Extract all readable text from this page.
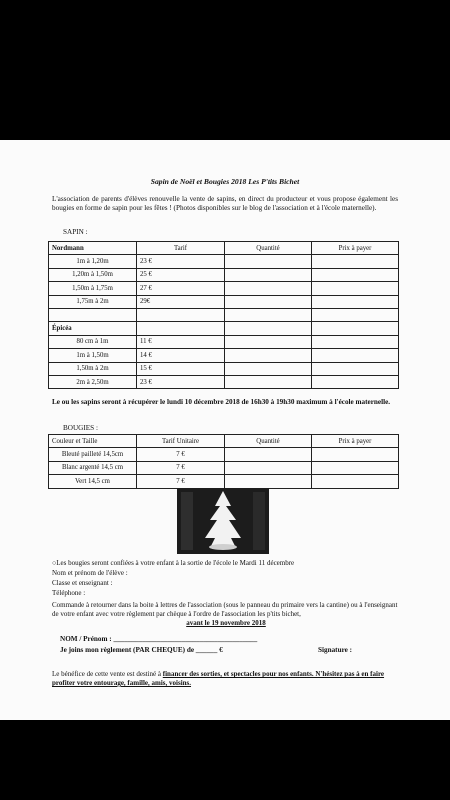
Sapin de Noël et Bougies 2018 Les P'tits Bichet
L'association de parents d'élèves renouvelle la vente de sapins, en direct du producteur et vous propose également les bougies en forme de sapin pour les fêtes ! (Photos disponibles sur le blog de l'association et à l'école maternelle).
SAPIN :
Nordmann	Tarif	Quantité	Prix à payer
1m à 1,20m	23 €		
1,20m à 1,50m	25 €		
1,50m à 1,75m	27 €		
1,75m à 2m	29€		

Épicéa			
80 cm à 1m	11 €		
1m à 1,50m	14 €		
1,50m à 2m	15 €		
2m à 2,50m	23 €		
Le ou les sapins seront à récupérer le lundi 10 décembre 2018 de 16h30 à 19h30 maximum à l'école maternelle.
BOUGIES :
Couleur et Taille	Tarif Unitaire	Quantité	Prix à payer
Bleuté pailleté 14,5cm	7 €		
Blanc argenté 14,5 cm	7 €		
Vert 14,5 cm	7 €		
○Les bougies seront confiées à votre enfant à la sortie de l'école le Mardi 11 décembre
Nom et prénom de l'élève :
Classe et enseignant :
Téléphone :
Commande à retourner dans la boite à lettres de l'association (sous le panneau du primaire vers la cantine) ou à l'enseignant de votre enfant avec votre règlement par chèque à l'ordre de l'association les p'tits bichet,
avant le 19 novembre 2018
NOM / Prénom : ________________________________________
Je joins mon règlement (PAR CHEQUE) de ______ €	Signature :
Le bénéfice de cette vente est destiné à financer des sorties, et spectacles pour nos enfants. N'hésitez pas à en faire profiter votre entourage, famille, amis, voisins.
